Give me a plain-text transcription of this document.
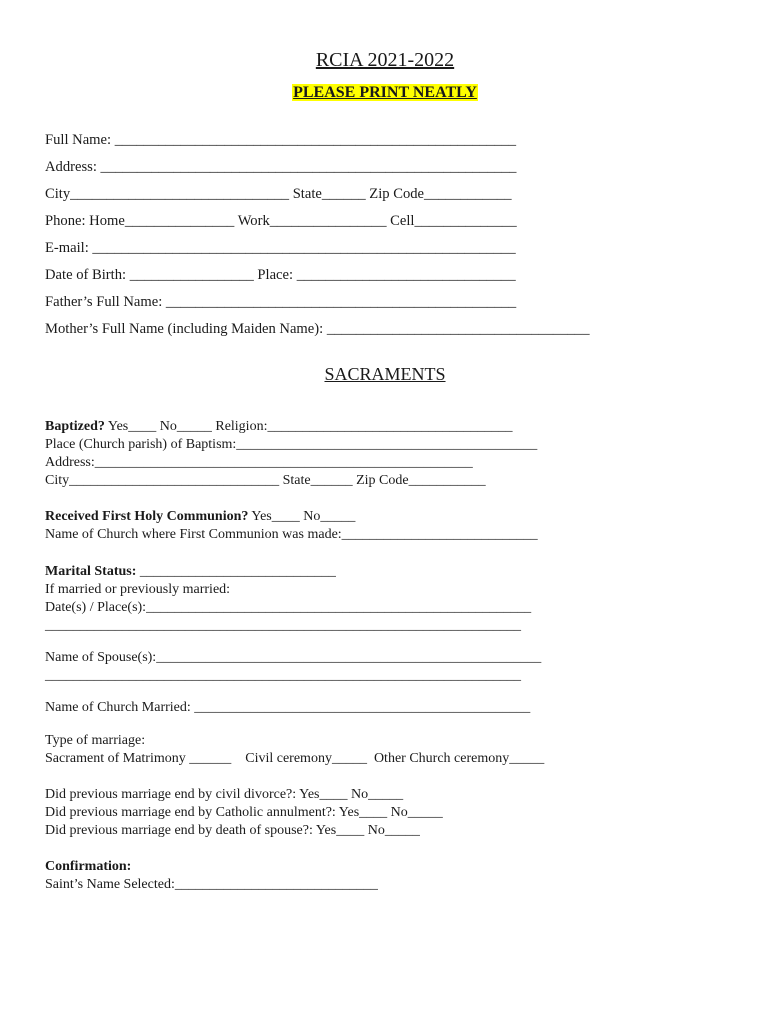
RCIA 2021-2022
PLEASE PRINT NEATLY
Full Name: _______________________________________________________
Address: _________________________________________________________
City______________________________ State______ Zip Code____________
Phone: Home_______________ Work________________ Cell______________
E-mail: __________________________________________________________
Date of Birth: _________________ Place: ______________________________
Father’s Full Name: ________________________________________________
Mother’s Full Name (including Maiden Name): ____________________________________
SACRAMENTS
Baptized? Yes____ No_____ Religion:___________________________________
Place (Church parish) of Baptism:___________________________________________
Address:______________________________________________________
City______________________________ State______ Zip Code___________
Received First Holy Communion? Yes____ No_____
Name of Church where First Communion was made:____________________________
Marital Status: ____________________________
If married or previously married:
Date(s) / Place(s):_______________________________________________________
____________________________________________________________________
Name of Spouse(s):_______________________________________________________
____________________________________________________________________
Name of Church Married: ________________________________________________
Type of marriage:
Sacrament of Matrimony ______    Civil ceremony_____  Other Church ceremony_____
Did previous marriage end by civil divorce?: Yes____ No_____
Did previous marriage end by Catholic annulment?: Yes____ No_____
Did previous marriage end by death of spouse?: Yes____ No_____
Confirmation:
Saint’s Name Selected:_____________________________
